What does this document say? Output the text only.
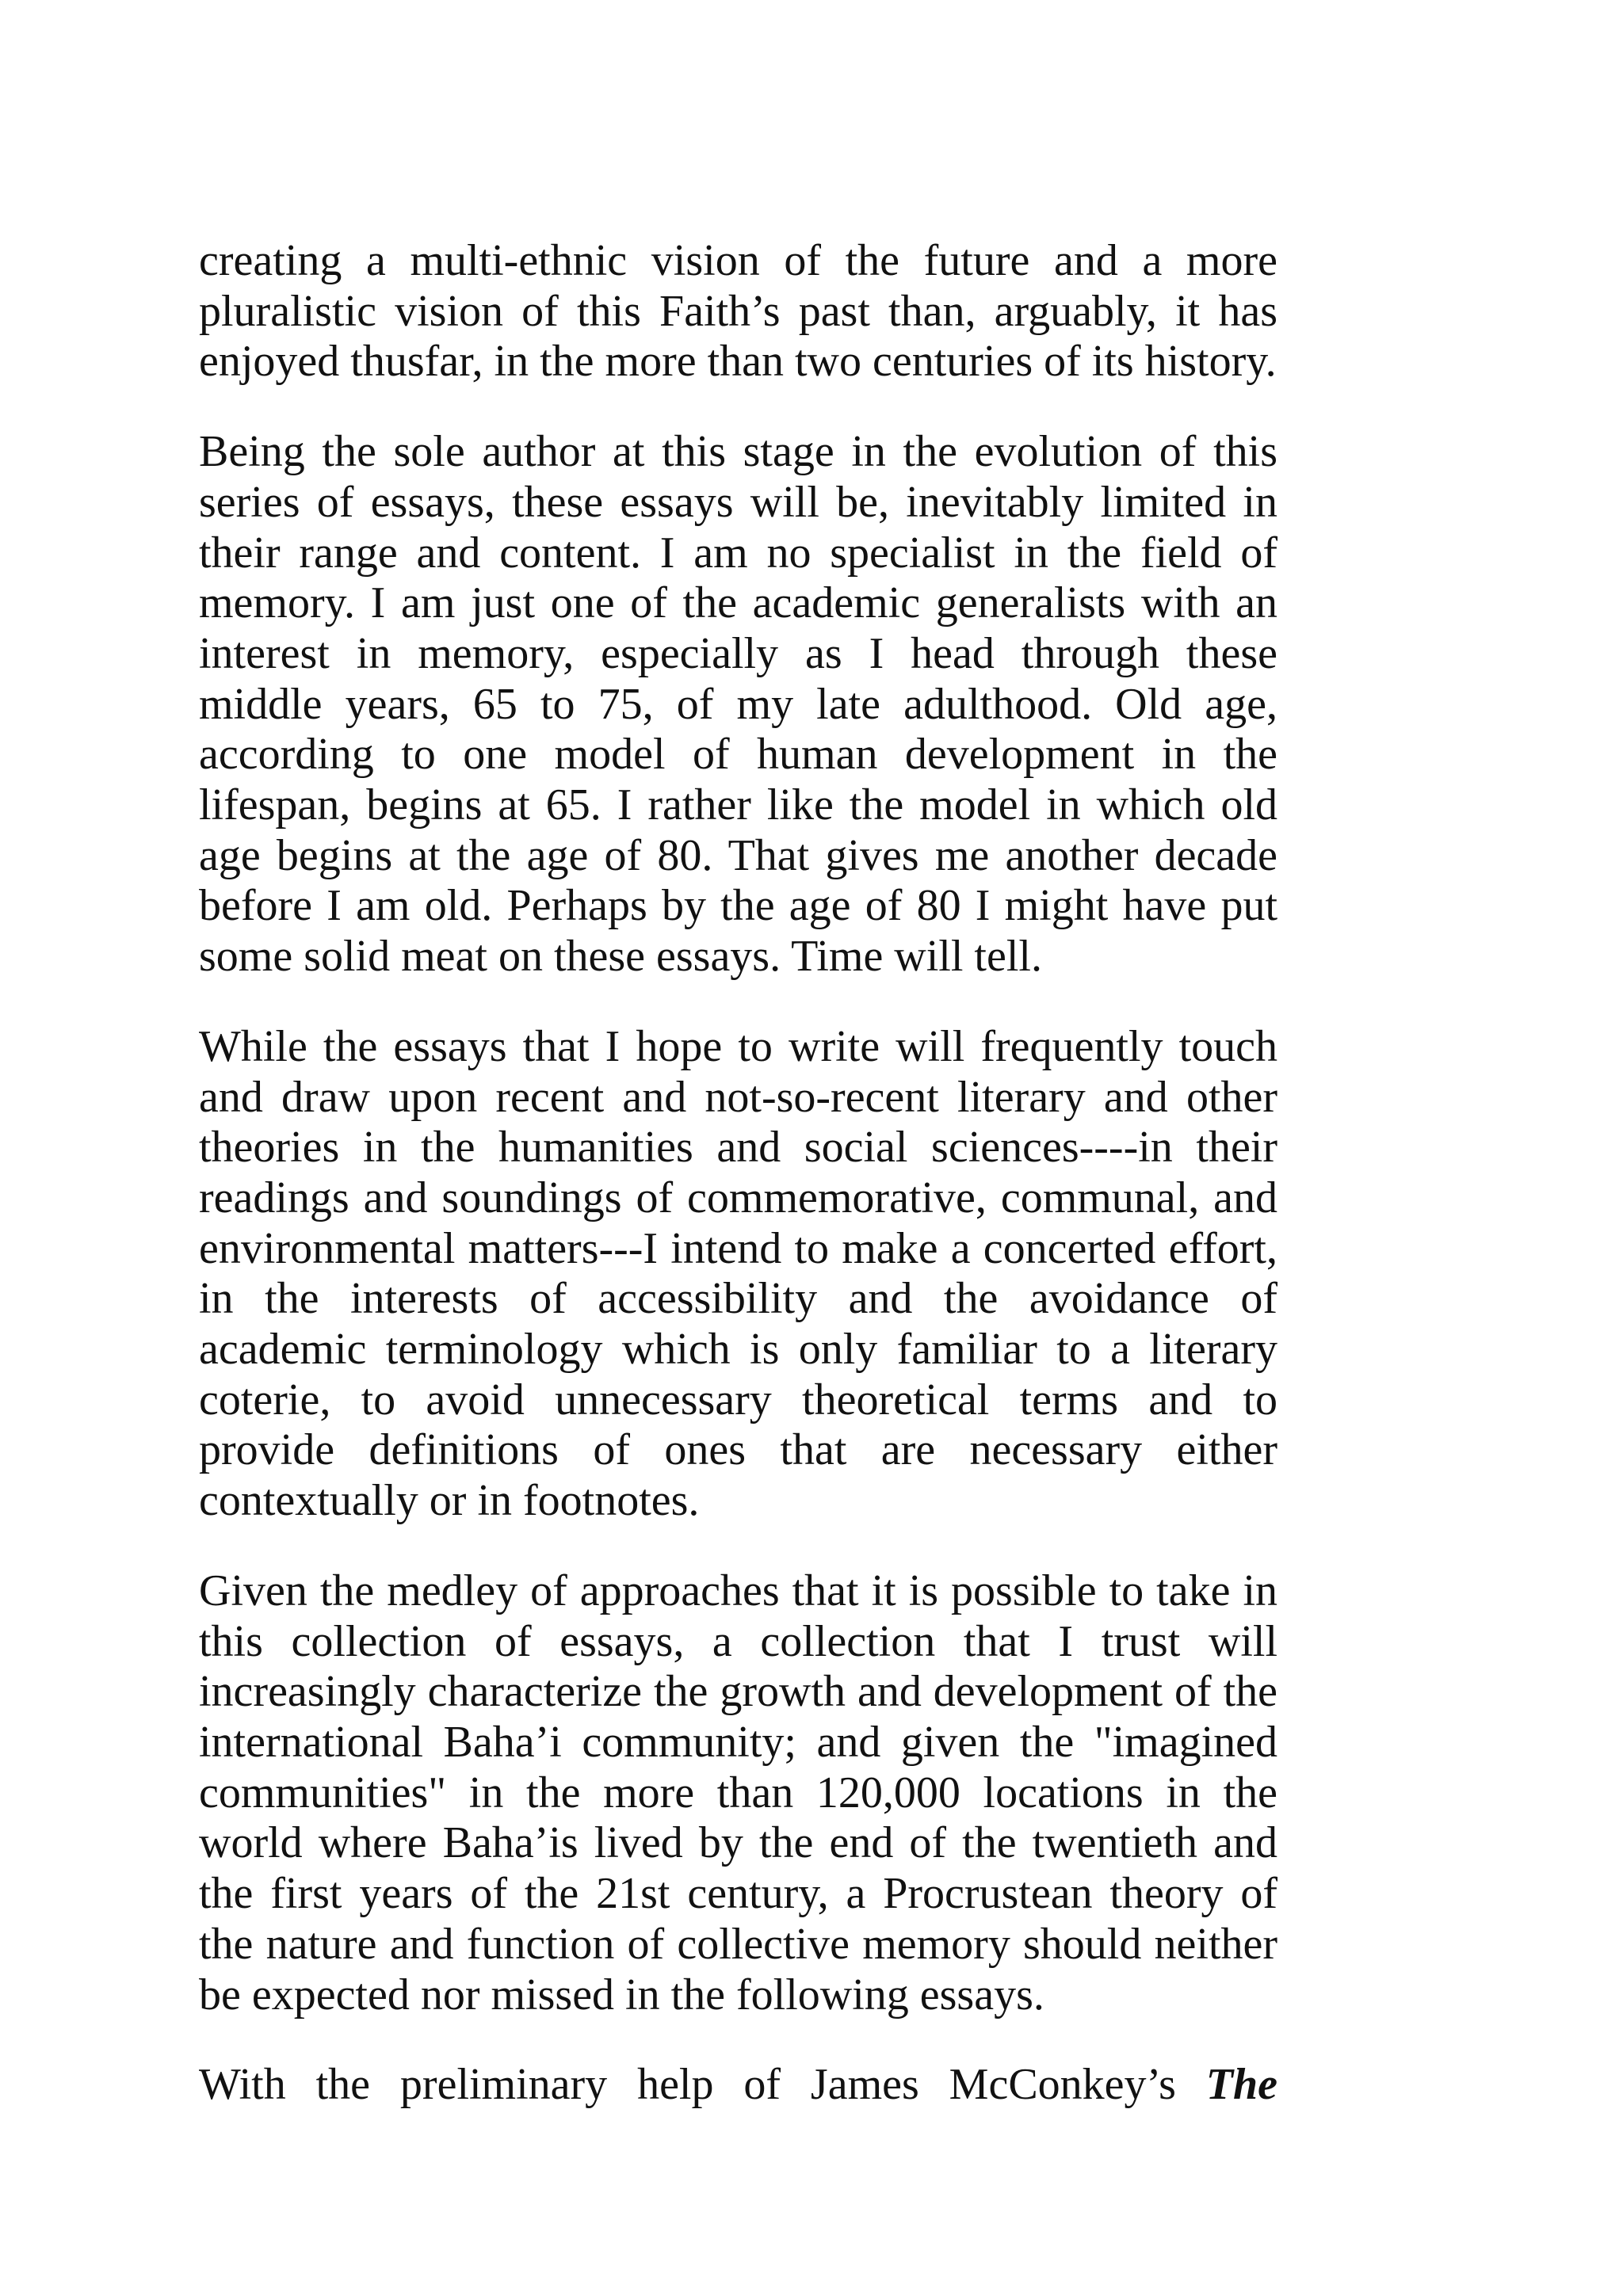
creating a multi-ethnic vision of the future and a more pluralistic vision of this Faith’s past than, arguably, it has enjoyed thusfar, in the more than two centuries of its history.

Being the sole author at this stage in the evolution of this series of essays, these essays will be, inevitably limited in their range and content. I am no specialist in the field of memory. I am just one of the academic generalists with an interest in memory, especially as I head through these middle years, 65 to 75, of my late adulthood. Old age, according to one model of human development in the lifespan, begins at 65. I rather like the model in which old age begins at the age of 80. That gives me another decade before I am old. Perhaps by the age of 80 I might have put some solid meat on these essays. Time will tell.

While the essays that I hope to write will frequently touch and draw upon recent and not-so-recent literary and other theories in the humanities and social sciences----in their readings and soundings of commemorative, communal, and environmental matters---I intend to make a concerted effort, in the interests of accessibility and the avoidance of academic terminology which is only familiar to a literary coterie, to avoid unnecessary theoretical terms and to provide definitions of ones that are necessary either contextually or in footnotes.

Given the medley of approaches that it is possible to take in this collection of essays, a collection that I trust will increasingly characterize the growth and development of the international Baha’i community; and given the "imagined communities" in the more than 120,000 locations in the world where Baha’is lived by the end of the twentieth and the first years of the 21st century, a Procrustean theory of the nature and function of collective memory should neither be expected nor missed in the following essays.

With the preliminary help of James McConkey’s The
